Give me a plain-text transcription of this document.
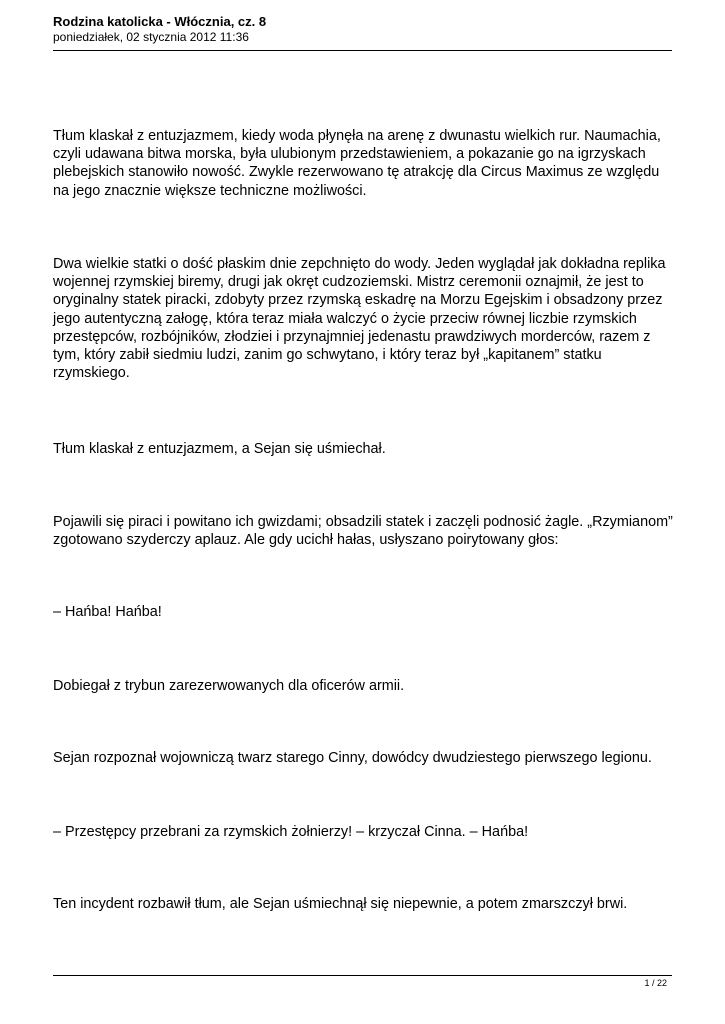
Rodzina katolicka - Włócznia, cz. 8

poniedziałek, 02 stycznia 2012 11:36

Tłum klaskał z entuzjazmem, kiedy woda płynęła na arenę z dwunastu wielkich rur. Naumachia, czyli udawana bitwa morska, była ulubionym przedstawieniem, a pokazanie go na igrzyskach plebejskich stanowiło nowość. Zwykle rezerwowano tę atrakcję dla Circus Maximus ze względu na jego znacznie większe techniczne możliwości.

Dwa wielkie statki o dość płaskim dnie zepchnięto do wody. Jeden wyglądał jak dokładna replika wojennej rzymskiej biremy, drugi jak okręt cudzoziemski. Mistrz ceremonii oznajmił, że jest to oryginalny statek piracki, zdobyty przez rzymską eskadrę na Morzu Egejskim i obsadzony przez jego autentyczną załogę, która teraz miała walczyć o życie przeciw równej liczbie rzymskich przestępców, rozbójników, złodziei i przynajmniej jedenastu prawdziwych morderców, razem z tym, który zabił siedmiu ludzi, zanim go schwytano, i który teraz był „kapitanem” statku rzymskiego.

Tłum klaskał z entuzjazmem, a Sejan się uśmiechał.

Pojawili się piraci i powitano ich gwizdami; obsadzili statek i zaczęli podnosić żagle. „Rzymianom” zgotowano szyderczy aplauz. Ale gdy ucichł hałas, usłyszano poirytowany głos:

– Hańba! Hańba!

Dobiegał z trybun zarezerwowanych dla oficerów armii.

Sejan rozpoznał wojowniczą twarz starego Cinny, dowódcy dwudziestego pierwszego legionu.

– Przestępcy przebrani za rzymskich żołnierzy! – krzyczał Cinna. – Hańba!

Ten incydent rozbawił tłum, ale Sejan uśmiechnął się niepewnie, a potem zmarszczył brwi.

1 / 22
